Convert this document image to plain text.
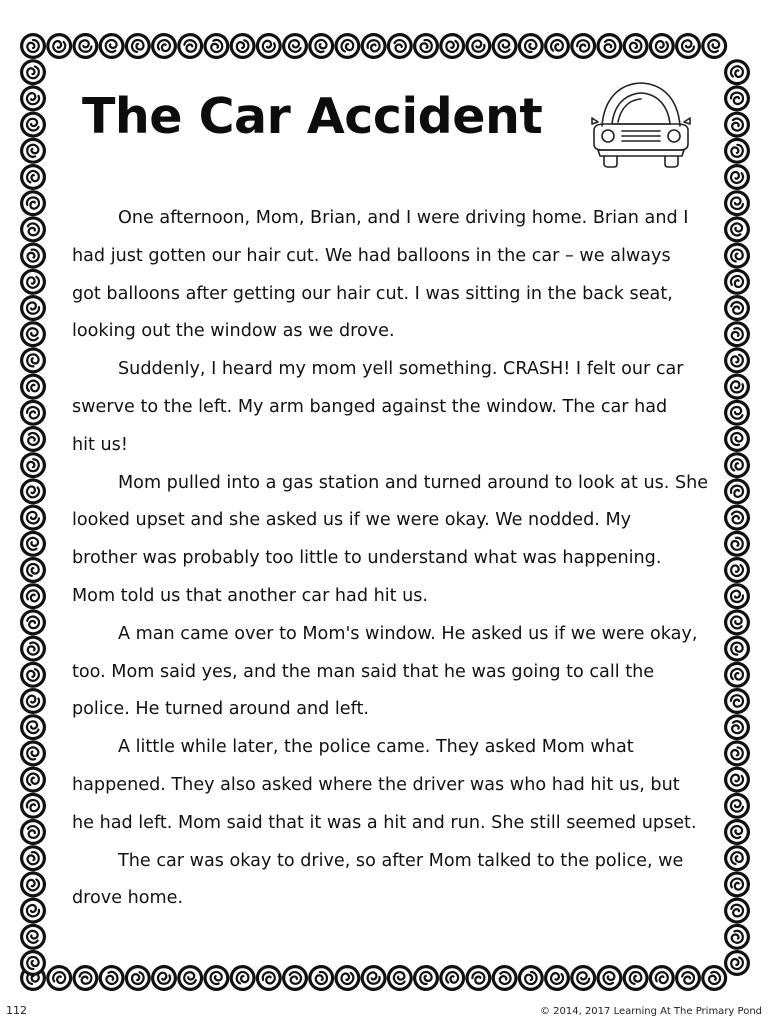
The Car Accident
One afternoon, Mom, Brian, and I were driving home. Brian and I
had just gotten our hair cut. We had balloons in the car – we always
got balloons after getting our hair cut. I was sitting in the back seat,
looking out the window as we drove.
Suddenly, I heard my mom yell something. CRASH! I felt our car
swerve to the left. My arm banged against the window. The car had
hit us!
Mom pulled into a gas station and turned around to look at us. She
looked upset and she asked us if we were okay. We nodded. My
brother was probably too little to understand what was happening.
Mom told us that another car had hit us.
A man came over to Mom's window. He asked us if we were okay,
too. Mom said yes, and the man said that he was going to call the
police. He turned around and left.
A little while later, the police came. They asked Mom what
happened. They also asked where the driver was who had hit us, but
he had left. Mom said that it was a hit and run. She still seemed upset.
The car was okay to drive, so after Mom talked to the police, we
drove home.
112	© 2014, 2017 Learning At The Primary Pond
